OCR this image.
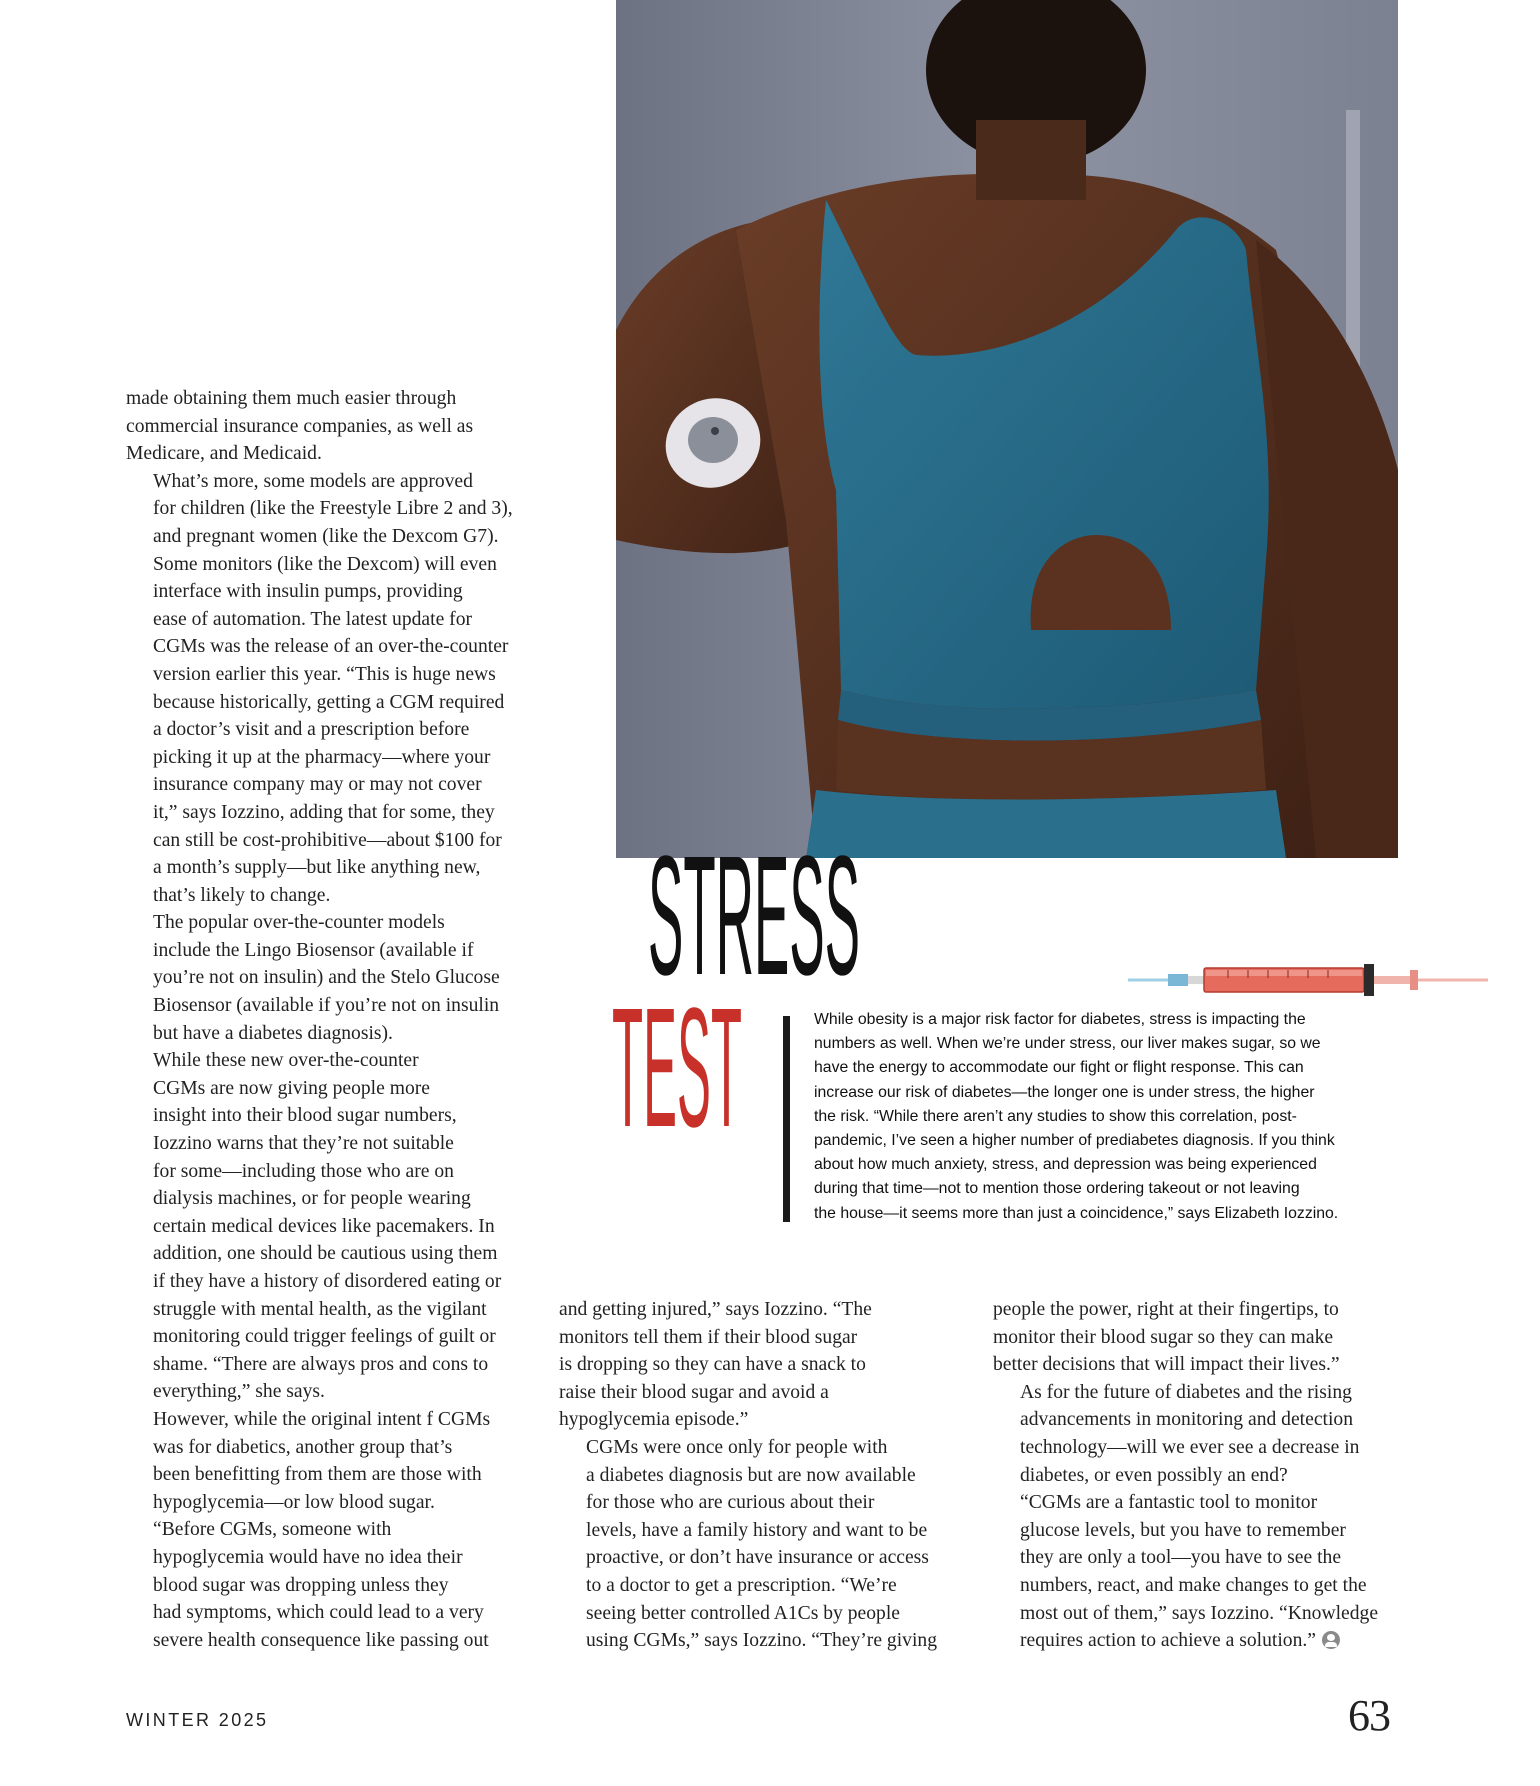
STRESS
TEST	While obesity is a major risk factor for diabetes, stress is impacting the
numbers as well. When we’re under stress, our liver makes sugar, so we
have the energy to accommodate our fight or flight response. This can
increase our risk of diabetes—the longer one is under stress, the higher
the risk. “While there aren’t any studies to show this correlation, post-
pandemic, I’ve seen a higher number of prediabetes diagnosis. If you think
about how much anxiety, stress, and depression was being experienced
during that time—not to mention those ordering takeout or not leaving
the house—it seems more than just a coincidence,” says Elizabeth Iozzino.

made obtaining them much easier through
commercial insurance companies, as well as
Medicare, and Medicaid.

What’s more, some models are approved
for children (like the Freestyle Libre 2 and 3),
and pregnant women (like the Dexcom G7).
Some monitors (like the Dexcom) will even
interface with insulin pumps, providing
ease of automation. The latest update for
CGMs was the release of an over-the-counter
version earlier this year. “This is huge news
because historically, getting a CGM required
a doctor’s visit and a prescription before
picking it up at the pharmacy—where your
insurance company may or may not cover
it,” says Iozzino, adding that for some, they
can still be cost-prohibitive—about $100 for
a month’s supply—but like anything new,
that’s likely to change.

The popular over-the-counter models
include the Lingo Biosensor (available if
you’re not on insulin) and the Stelo Glucose
Biosensor (available if you’re not on insulin
but have a diabetes diagnosis).

While these new over-the-counter
CGMs are now giving people more
insight into their blood sugar numbers,
Iozzino warns that they’re not suitable
for some—including those who are on
dialysis machines, or for people wearing
certain medical devices like pacemakers. In
addition, one should be cautious using them
if they have a history of disordered eating or
struggle with mental health, as the vigilant
monitoring could trigger feelings of guilt or
shame. “There are always pros and cons to
everything,” she says.

However, while the original intent f CGMs
was for diabetics, another group that’s
been benefitting from them are those with
hypoglycemia—or low blood sugar.

“Before CGMs, someone with
hypoglycemia would have no idea their
blood sugar was dropping unless they
had symptoms, which could lead to a very
severe health consequence like passing out

and getting injured,” says Iozzino. “The
monitors tell them if their blood sugar
is dropping so they can have a snack to
raise their blood sugar and avoid a
hypoglycemia episode.”

CGMs were once only for people with
a diabetes diagnosis but are now available
for those who are curious about their
levels, have a family history and want to be
proactive, or don’t have insurance or access
to a doctor to get a prescription. “We’re
seeing better controlled A1Cs by people
using CGMs,” says Iozzino. “They’re giving

people the power, right at their fingertips, to
monitor their blood sugar so they can make
better decisions that will impact their lives.”

As for the future of diabetes and the rising
advancements in monitoring and detection
technology—will we ever see a decrease in
diabetes, or even possibly an end?

“CGMs are a fantastic tool to monitor
glucose levels, but you have to remember
they are only a tool—you have to see the
numbers, react, and make changes to get the
most out of them,” says Iozzino. “Knowledge
requires action to achieve a solution.”

WINTER 2025	63
